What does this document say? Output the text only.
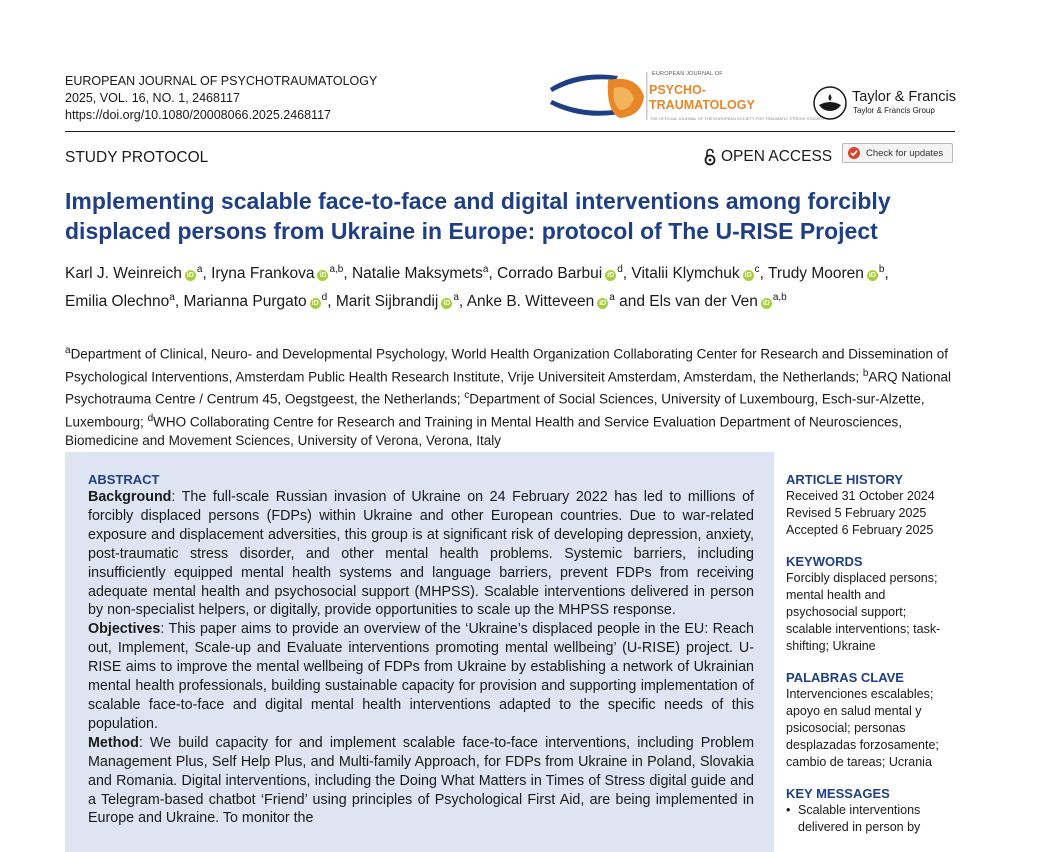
EUROPEAN JOURNAL OF PSYCHOTRAUMATOLOGY
2025, VOL. 16, NO. 1, 2468117
https://doi.org/10.1080/20008066.2025.2468117
EUROPEAN JOURNAL OF
PSYCHO-
TRAUMATOLOGY
THE OFFICIAL JOURNAL OF THE EUROPEAN SOCIETY FOR TRAUMATIC STRESS STUDIES
Taylor & Francis
Taylor & Francis Group
STUDY PROTOCOL	OPEN ACCESS	Check for updates
Implementing scalable face-to-face and digital interventions among forcibly displaced persons from Ukraine in Europe: protocol of The U-RISE Project
Karl J. Weinreich $iD^a$, Iryna Frankova iD$^{a,b}$, Natalie Maksymets$^a$, Corrado Barbui $iD^d$, Vitalii Klymchuk $iD^c$, Trudy Mooren $iD^b$, Emilia Olechno$^a$, Marianna Purgato $iD^d$, Marit Sijbrandij $iD^a$, Anke B. Witteveen $iD^a$ and Els van der Ven iD$^{a,b}$
$^a$Department of Clinical, Neuro- and Developmental Psychology, World Health Organization Collaborating Center for Research and Dissemination of Psychological Interventions, Amsterdam Public Health Research Institute, Vrije Universiteit Amsterdam, Amsterdam, the Netherlands; $^b$ARQ National Psychotrauma Centre / Centrum 45, Oegstgeest, the Netherlands; $^c$Department of Social Sciences, University of Luxembourg, Esch-sur-Alzette, Luxembourg; $^d$WHO Collaborating Centre for Research and Training in Mental Health and Service Evaluation Department of Neurosciences, Biomedicine and Movement Sciences, University of Verona, Verona, Italy
ABSTRACT

Background: The full-scale Russian invasion of Ukraine on 24 February 2022 has led to millions of forcibly displaced persons (FDPs) within Ukraine and other European countries. Due to war-related exposure and displacement adversities, this group is at significant risk of developing depression, anxiety, post-traumatic stress disorder, and other mental health problems. Systemic barriers, including insufficiently equipped mental health systems and language barriers, prevent FDPs from receiving adequate mental health and psychosocial support (MHPSS). Scalable interventions delivered in person by non-specialist helpers, or digitally, provide opportunities to scale up the MHPSS response.

Objectives: This paper aims to provide an overview of the ‘Ukraine’s displaced people in the EU: Reach out, Implement, Scale-up and Evaluate interventions promoting mental wellbeing’ (U-RISE) project. U-RISE aims to improve the mental wellbeing of FDPs from Ukraine by establishing a network of Ukrainian mental health professionals, building sustainable capacity for provision and supporting implementation of scalable face-to-face and digital mental health interventions adapted to the specific needs of this population.

Method: We build capacity for and implement scalable face-to-face interventions, including Problem Management Plus, Self Help Plus, and Multi-family Approach, for FDPs from Ukraine in Poland, Slovakia and Romania. Digital interventions, including the Doing What Matters in Times of Stress digital guide and a Telegram-based chatbot ‘Friend’ using principles of Psychological First Aid, are being implemented in Europe and Ukraine. To monitor the

ARTICLE HISTORY
Received 31 October 2024
Revised 5 February 2025
Accepted 6 February 2025
KEYWORDS
Forcibly displaced persons;
mental health and
psychosocial support;
scalable interventions; task-
shifting; Ukraine
PALABRAS CLAVE
Intervenciones escalables;
apoyo en salud mental y
psicosocial; personas
desplazadas forzosamente;
cambio de tareas; Ucrania
KEY MESSAGES
• Scalable interventions
delivered in person by
